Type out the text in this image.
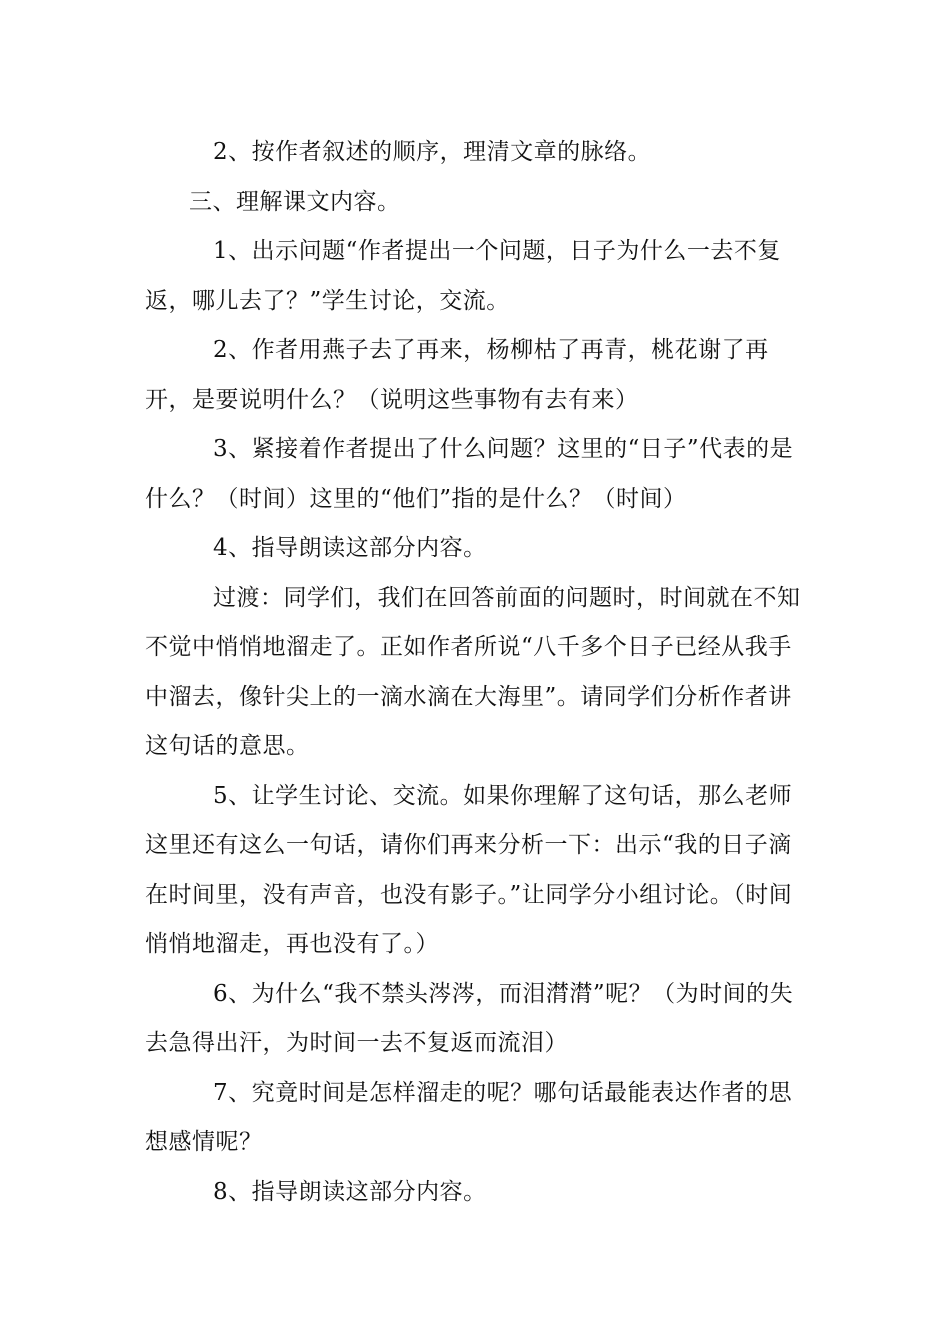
2、按作者叙述的顺序，理清文章的脉络。

三、理解课文内容。

1、出示问题“作者提出一个问题，日子为什么一去不复返，哪儿去了？”学生讨论，交流。

2、作者用燕子去了再来，杨柳枯了再青，桃花谢了再开，是要说明什么？（说明这些事物有去有来）

3、紧接着作者提出了什么问题？这里的“日子”代表的是什么？（时间）这里的“他们”指的是什么？（时间）

4、指导朗读这部分内容。

过渡：同学们，我们在回答前面的问题时，时间就在不知不觉中悄悄地溜走了。正如作者所说“八千多个日子已经从我手中溜去，像针尖上的一滴水滴在大海里”。请同学们分析作者讲这句话的意思。

5、让学生讨论、交流。如果你理解了这句话，那么老师这里还有这么一句话，请你们再来分析一下：出示“我的日子滴在时间里，没有声音，也没有影子。”让同学分小组讨论。（时间悄悄地溜走，再也没有了。）

6、为什么“我不禁头涔涔，而泪潸潸”呢？（为时间的失去急得出汗，为时间一去不复返而流泪）

7、究竟时间是怎样溜走的呢？哪句话最能表达作者的思想感情呢？

8、指导朗读这部分内容。
